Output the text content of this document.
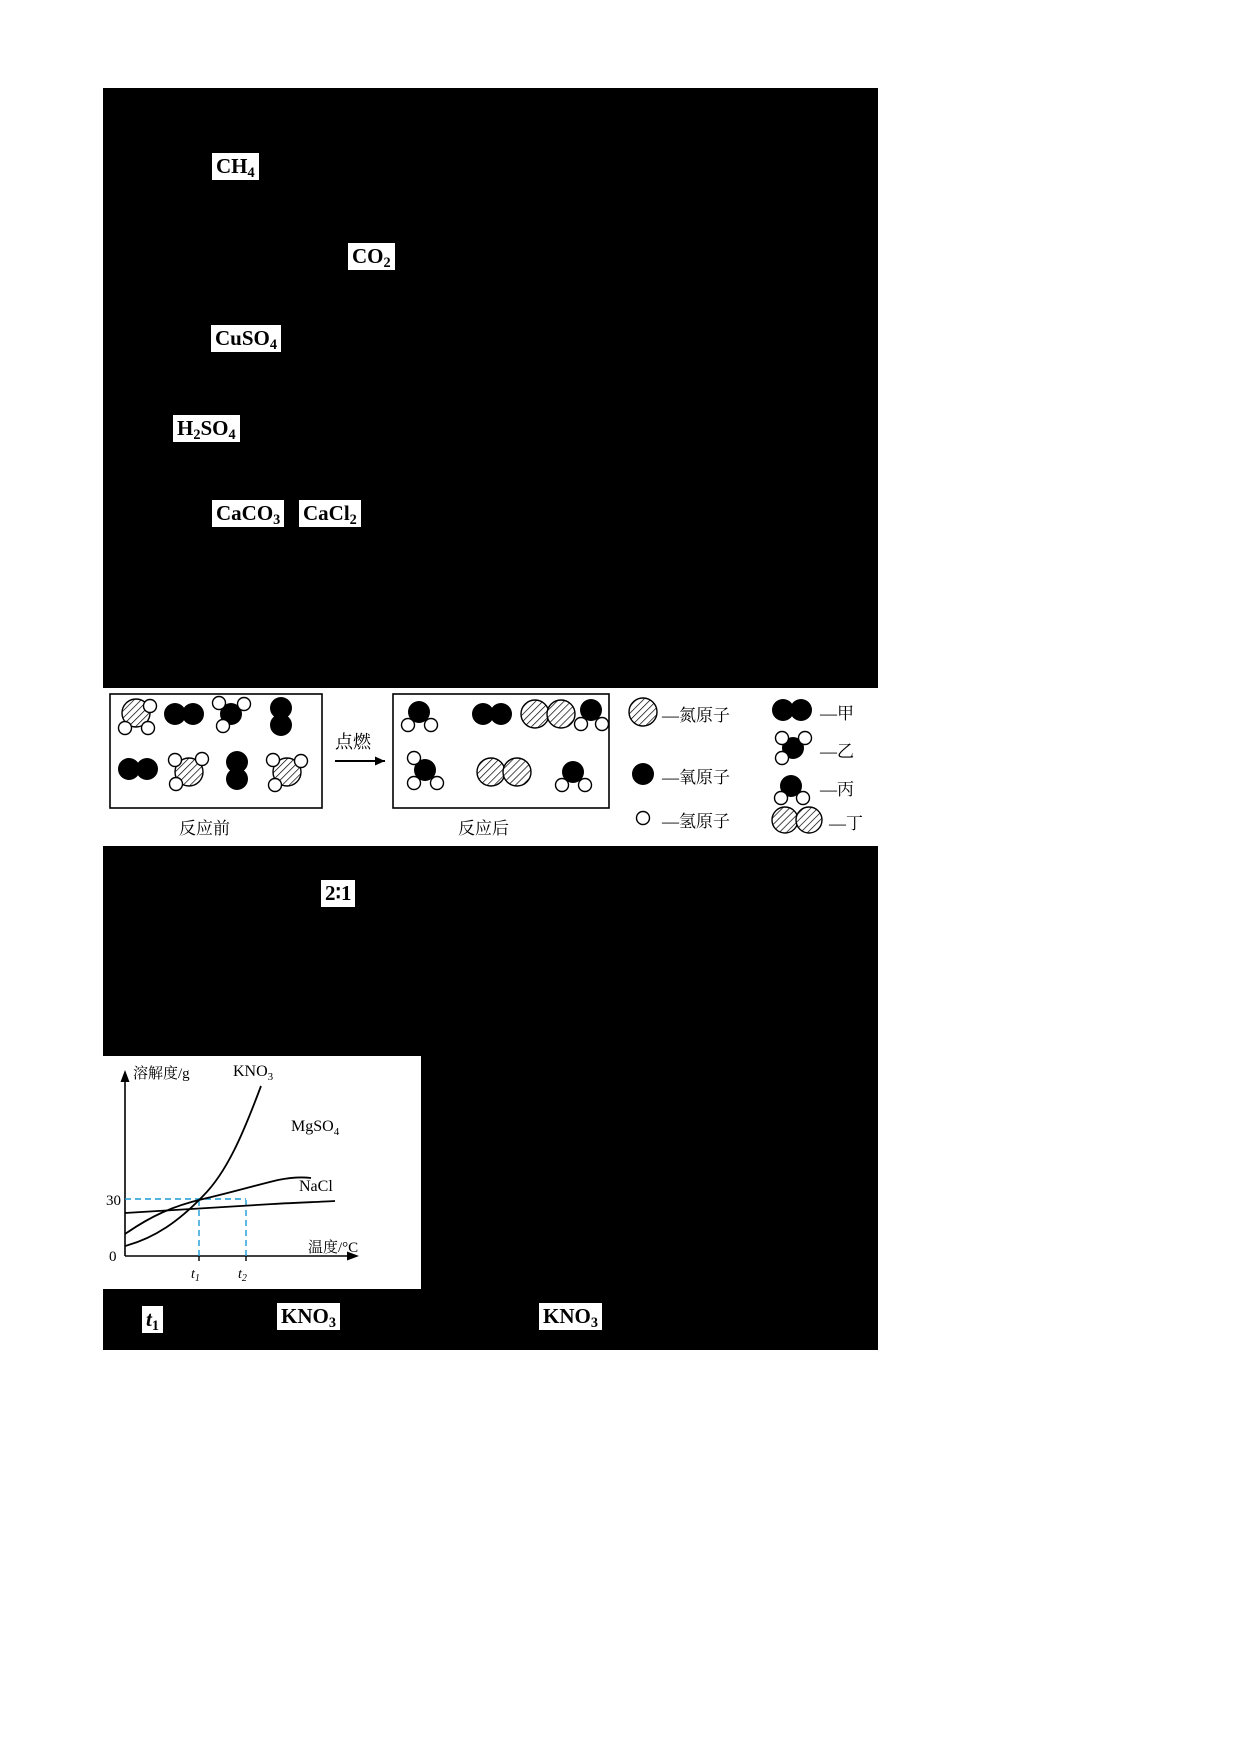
$CH_4$
$CO_2$
CuSO$_4$
$H_2SO_4$
CaCO$_3$ CaCl$_2$
2∶1
$t_1$	$KNO_3$	$KNO_3$
点燃
反应前	反应后
—氮原子
—氧原子
—氢原子
—甲
—乙
—丙
—丁
溶解度/g
温度/°C
0
30
$t_1$	$t_2$
$KNO_3$
MgSO$_4$
NaCl
